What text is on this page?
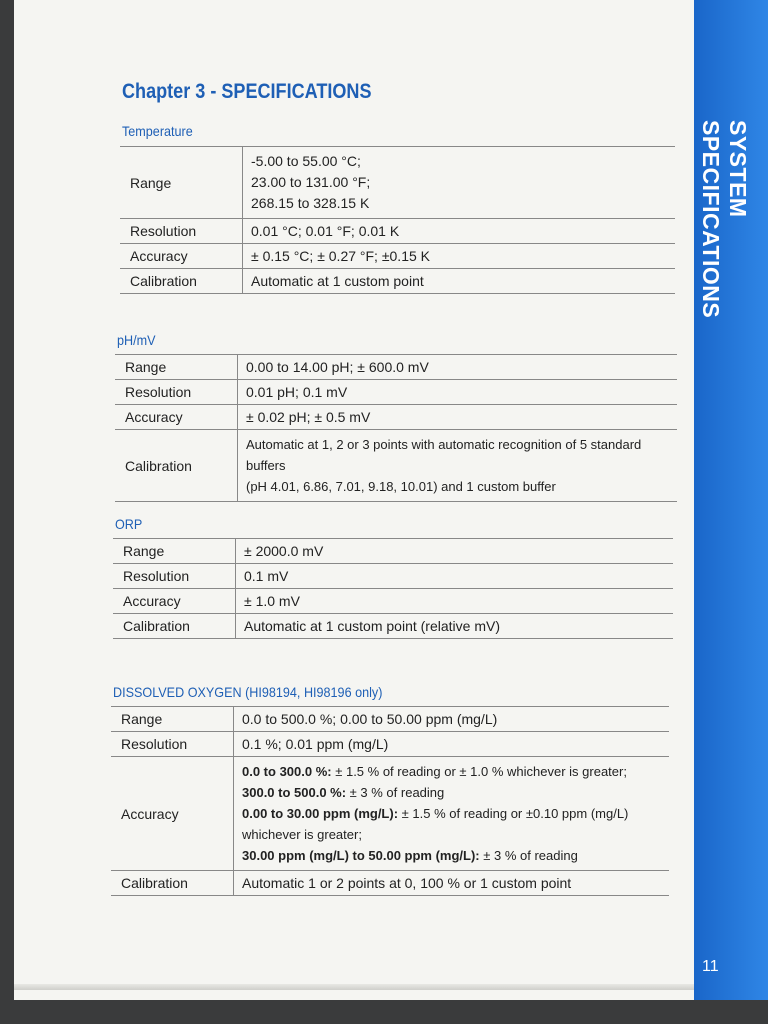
SYSTEM SPECIFICATIONS
11
Chapter 3 - SPECIFICATIONS
Temperature
Range	-5.00 to 55.00 °C;
23.00 to 131.00 °F;
268.15 to 328.15 K

Resolution	0.01 °C; 0.01 °F; 0.01 K
Accuracy	± 0.15 °C; ± 0.27 °F; ±0.15 K
Calibration	Automatic at 1 custom point
pH/mV
Range	0.00 to 14.00 pH; ± 600.0 mV
Resolution	0.01 pH; 0.1 mV
Accuracy	± 0.02 pH; ± 0.5 mV
Calibration	Automatic at 1, 2 or 3 points with automatic recognition of 5 standard buffers
(pH 4.01, 6.86, 7.01, 9.18, 10.01) and 1 custom buffer
ORP
Range	± 2000.0 mV
Resolution	0.1 mV
Accuracy	± 1.0 mV
Calibration	Automatic at 1 custom point (relative mV)
DISSOLVED OXYGEN (HI98194, HI98196 only)
Range	0.0 to 500.0 %; 0.00 to 50.00 ppm (mg/L)
Resolution	0.1 %; 0.01 ppm (mg/L)
Accuracy	0.0 to 300.0 %: ± 1.5 % of reading or ± 1.0 % whichever is greater;
300.0 to 500.0 %: ± 3 % of reading
0.00 to 30.00 ppm (mg/L): ± 1.5 % of reading or ±0.10 ppm (mg/L)
whichever is greater;
30.00 ppm (mg/L) to 50.00 ppm (mg/L): ± 3 % of reading

Calibration	Automatic 1 or 2 points at 0, 100 % or 1 custom point
